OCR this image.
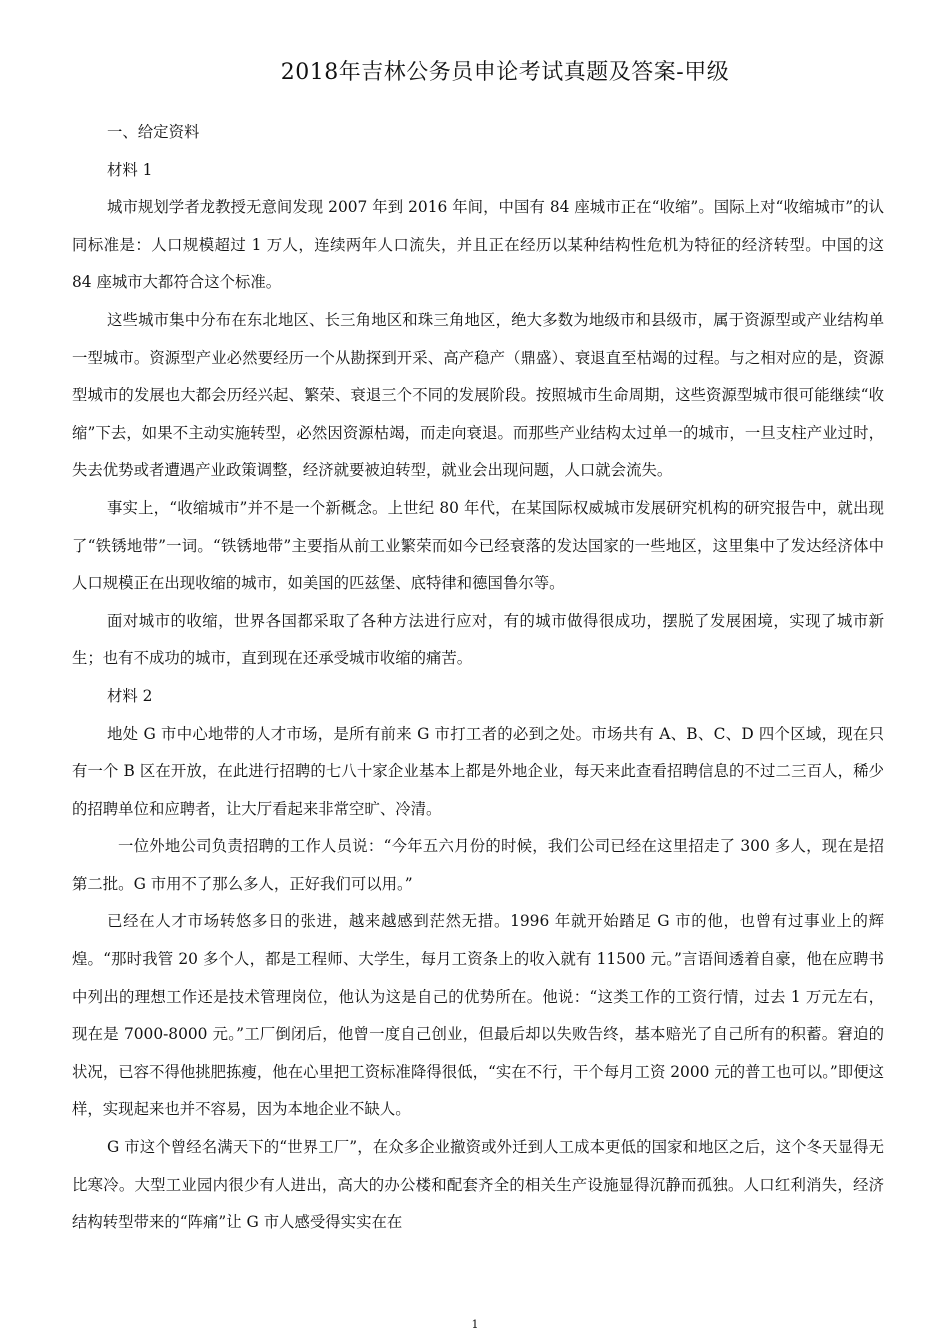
2018年吉林公务员申论考试真题及答案-甲级

一、给定资料

材料 1

城市规划学者龙教授无意间发现 2007 年到 2016 年间，中国有 84 座城市正在“收缩”。国际上对“收缩城市”的认同标准是：人口规模超过 1 万人，连续两年人口流失，并且正在经历以某种结构性危机为特征的经济转型。中国的这 84 座城市大都符合这个标准。

这些城市集中分布在东北地区、长三角地区和珠三角地区，绝大多数为地级市和县级市，属于资源型或产业结构单一型城市。资源型产业必然要经历一个从勘探到开采、高产稳产（鼎盛）、衰退直至枯竭的过程。与之相对应的是，资源型城市的发展也大都会历经兴起、繁荣、衰退三个不同的发展阶段。按照城市生命周期，这些资源型城市很可能继续“收缩”下去，如果不主动实施转型，必然因资源枯竭，而走向衰退。而那些产业结构太过单一的城市，一旦支柱产业过时，失去优势或者遭遇产业政策调整，经济就要被迫转型，就业会出现问题，人口就会流失。

事实上，“收缩城市”并不是一个新概念。上世纪 80 年代，在某国际权威城市发展研究机构的研究报告中，就出现了“铁锈地带”一词。“铁锈地带”主要指从前工业繁荣而如今已经衰落的发达国家的一些地区，这里集中了发达经济体中人口规模正在出现收缩的城市，如美国的匹兹堡、底特律和德国鲁尔等。

面对城市的收缩，世界各国都采取了各种方法进行应对，有的城市做得很成功，摆脱了发展困境，实现了城市新生；也有不成功的城市，直到现在还承受城市收缩的痛苦。

材料 2

地处 G 市中心地带的人才市场，是所有前来 G 市打工者的必到之处。市场共有 A、B、C、D 四个区域，现在只有一个 B 区在开放，在此进行招聘的七八十家企业基本上都是外地企业，每天来此查看招聘信息的不过二三百人，稀少的招聘单位和应聘者，让大厅看起来非常空旷、冷清。

一位外地公司负责招聘的工作人员说：“今年五六月份的时候，我们公司已经在这里招走了 300 多人，现在是招第二批。G 市用不了那么多人，正好我们可以用。”

已经在人才市场转悠多日的张进，越来越感到茫然无措。1996 年就开始踏足 G 市的他，也曾有过事业上的辉煌。“那时我管 20 多个人，都是工程师、大学生，每月工资条上的收入就有 11500 元。”言语间透着自豪，他在应聘书中列出的理想工作还是技术管理岗位，他认为这是自己的优势所在。他说：“这类工作的工资行情，过去 1 万元左右，现在是 7000-8000 元。”工厂倒闭后，他曾一度自己创业，但最后却以失败告终，基本赔光了自己所有的积蓄。窘迫的状况，已容不得他挑肥拣瘦，他在心里把工资标准降得很低，“实在不行，干个每月工资 2000 元的普工也可以。”即便这样，实现起来也并不容易，因为本地企业不缺人。

G 市这个曾经名满天下的“世界工厂”，在众多企业撤资或外迁到人工成本更低的国家和地区之后，这个冬天显得无比寒冷。大型工业园内很少有人进出，高大的办公楼和配套齐全的相关生产设施显得沉静而孤独。人口红利消失，经济结构转型带来的“阵痛”让 G 市人感受得实实在在

1
